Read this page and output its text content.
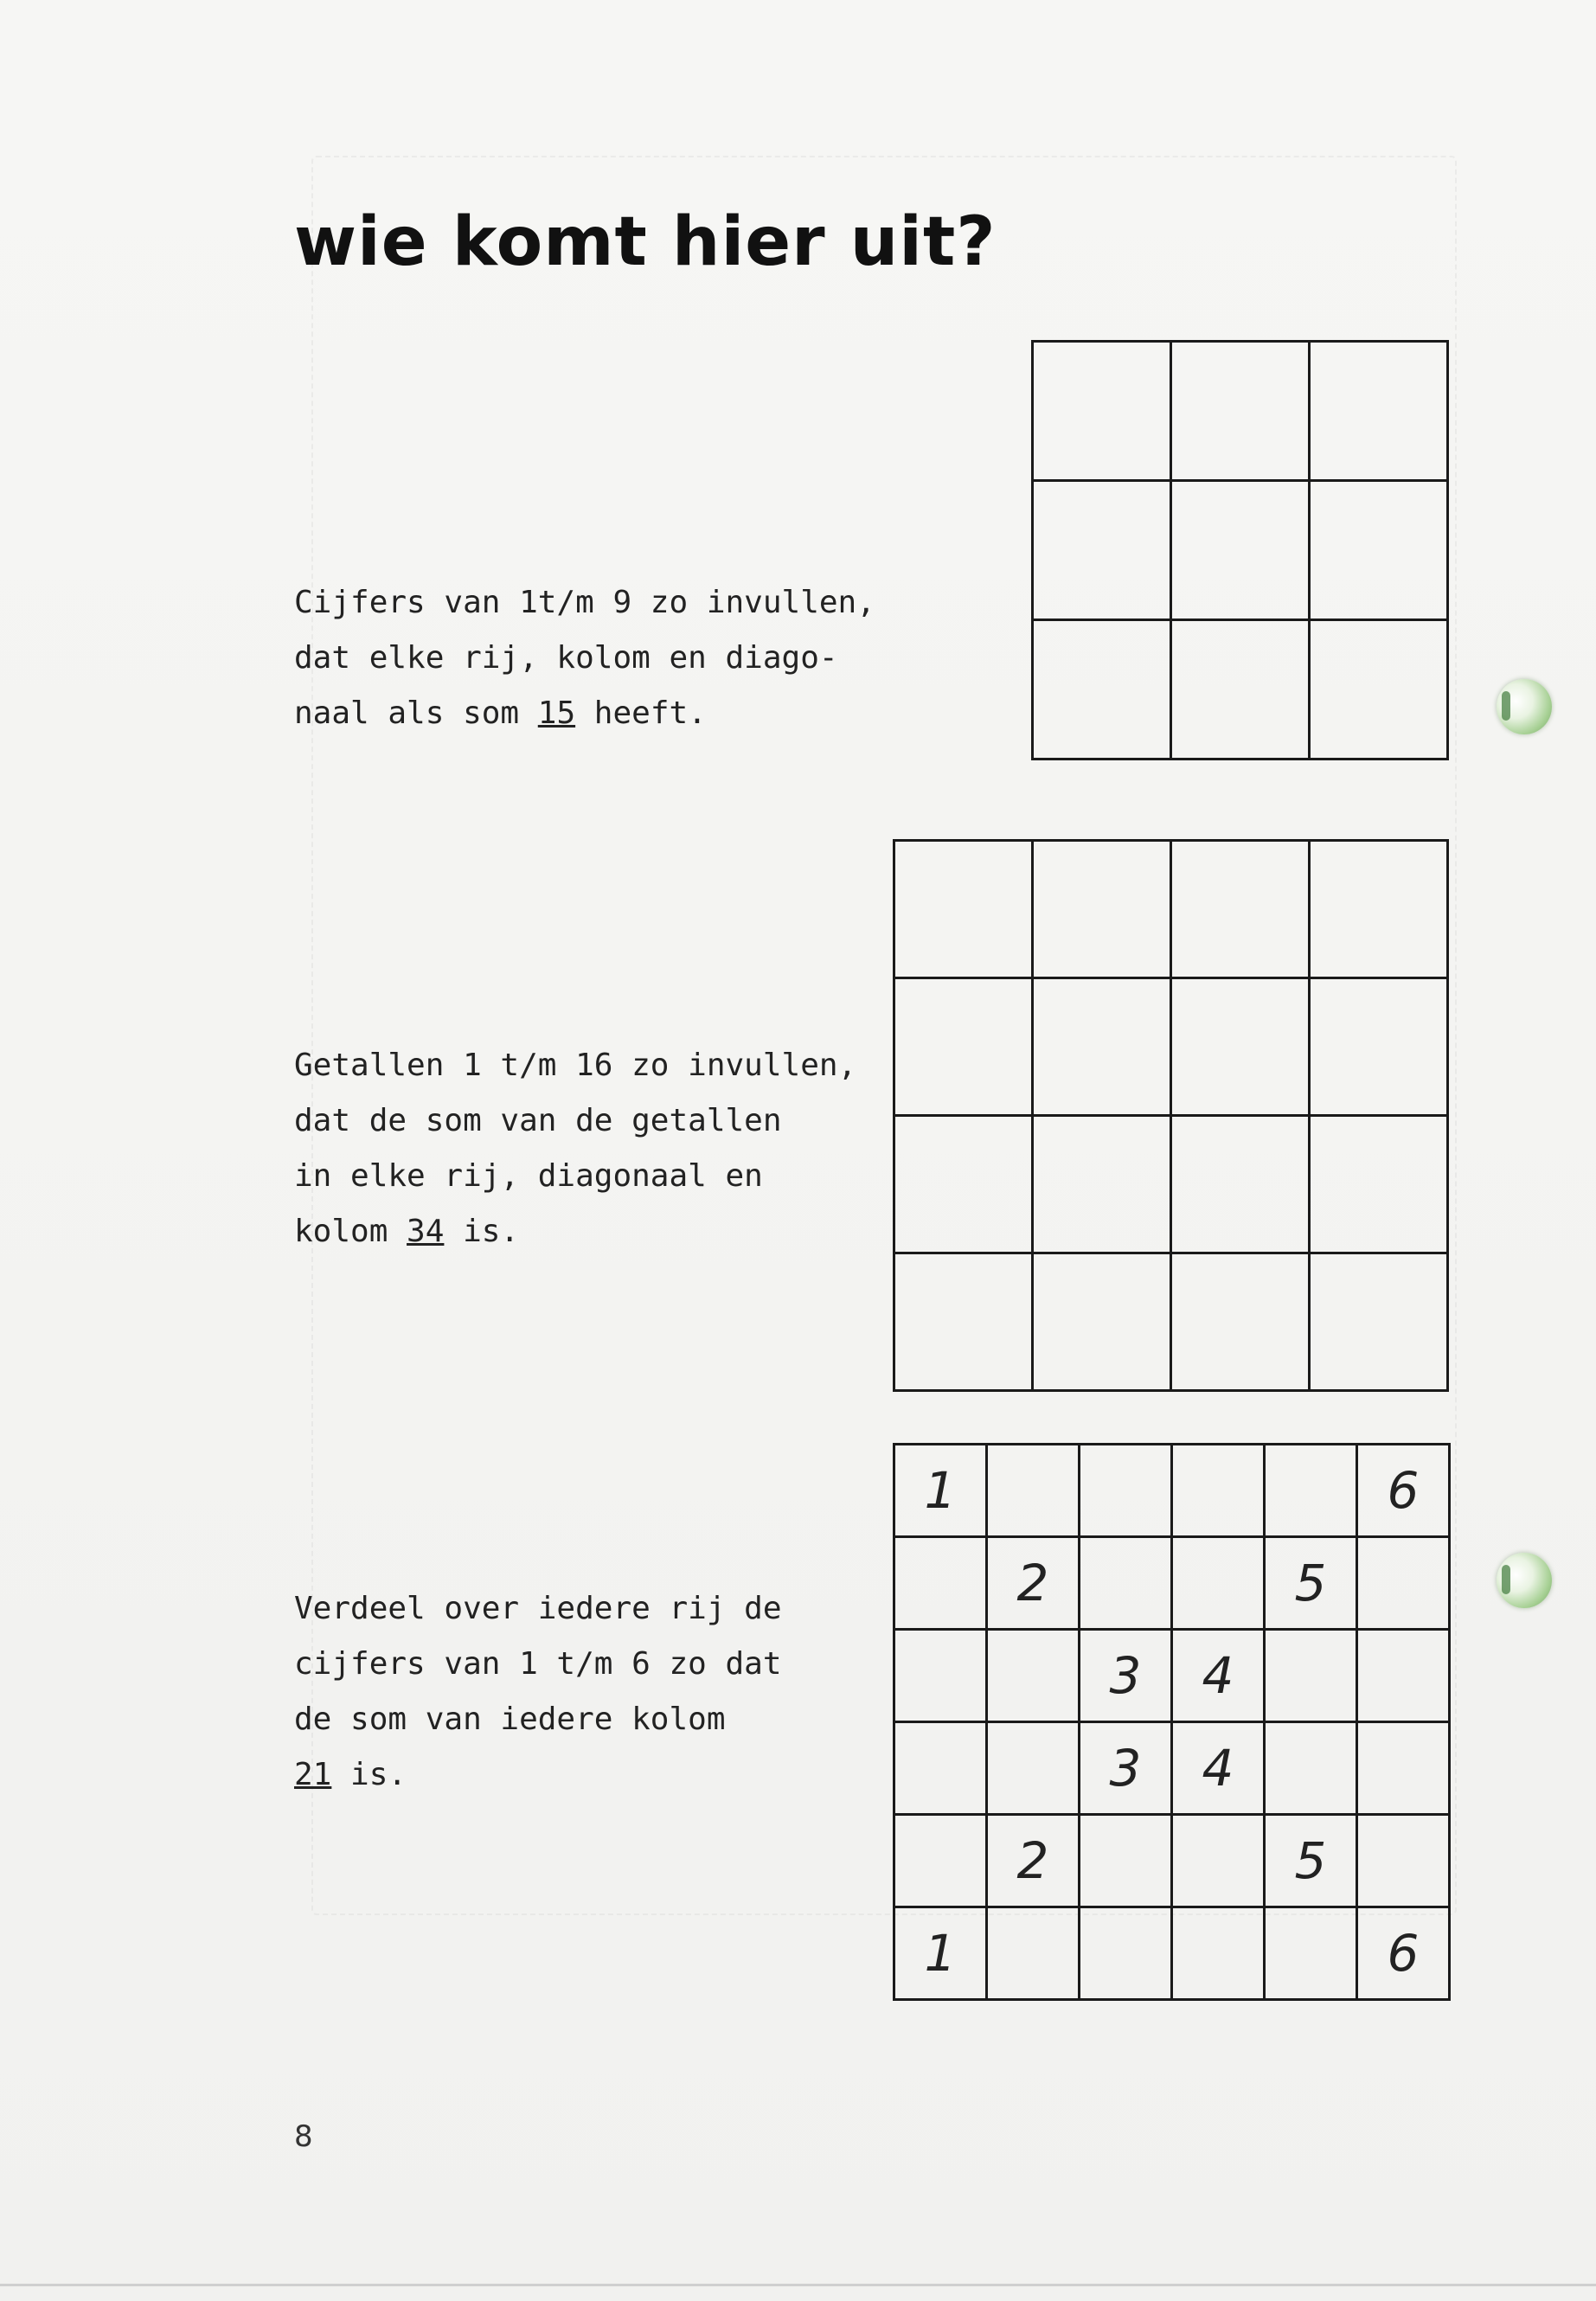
wie komt hier uit?
Cijfers van 1t/m 9 zo invullen,
dat elke rij, kolom en diago-
naal als som 15 heeft.

Getallen 1 t/m 16 zo invullen,
dat de som van de getallen
in elke rij, diagonaal en
kolom 34 is.

Verdeel over iedere rij de
cijfers van 1 t/m 6 zo dat
de som van iedere kolom
21 is.
1					6
	2			5	
		3	4		
		3	4		
	2			5	
1					6
8
